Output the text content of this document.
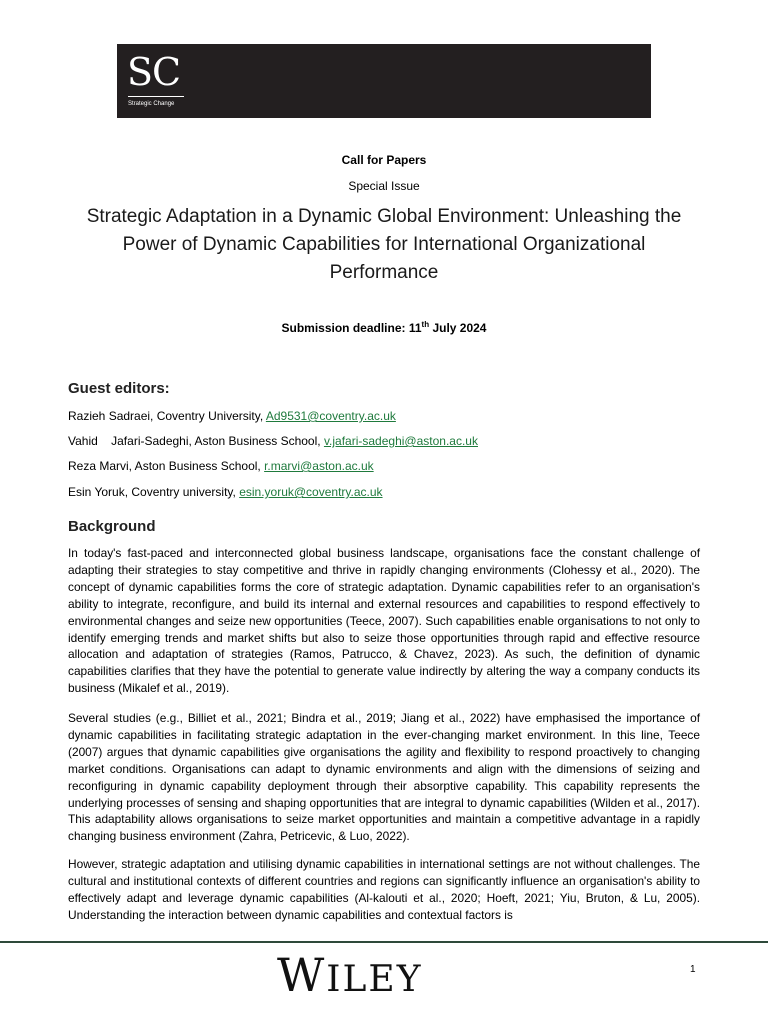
SC
Strategic Change
Call for Papers
Special Issue
Strategic Adaptation in a Dynamic Global Environment: Unleashing the Power of Dynamic Capabilities for International Organizational Performance
Submission deadline: 11th July 2024
Guest editors:
Razieh Sadraei, Coventry University, Ad9531@coventry.ac.uk
Vahid    Jafari-Sadeghi, Aston Business School, v.jafari-sadeghi@aston.ac.uk
Reza Marvi, Aston Business School, r.marvi@aston.ac.uk
Esin Yoruk, Coventry university, esin.yoruk@coventry.ac.uk
Background

In today's fast-paced and interconnected global business landscape, organisations face the constant challenge of adapting their strategies to stay competitive and thrive in rapidly changing environments (Clohessy et al., 2020). The concept of dynamic capabilities forms the core of strategic adaptation. Dynamic capabilities refer to an organisation's ability to integrate, reconfigure, and build its internal and external resources and capabilities to respond effectively to environmental changes and seize new opportunities (Teece, 2007). Such capabilities enable organisations to not only to identify emerging trends and market shifts but also to seize those opportunities through rapid and effective resource allocation and adaptation of strategies (Ramos, Patrucco, & Chavez, 2023). As such, the definition of dynamic capabilities clarifies that they have the potential to generate value indirectly by altering the way a company conducts its business (Mikalef et al., 2019).

Several studies (e.g., Billiet et al., 2021; Bindra et al., 2019; Jiang et al., 2022) have emphasised the importance of dynamic capabilities in facilitating strategic adaptation in the ever-changing market environment. In this line, Teece (2007) argues that dynamic capabilities give organisations the agility and flexibility to respond proactively to changing market conditions. Organisations can adapt to dynamic environments and align with the dimensions of seizing and reconfiguring in dynamic capability deployment through their absorptive capability. This capability represents the underlying processes of sensing and shaping opportunities that are integral to dynamic capabilities (Wilden et al., 2017). This adaptability allows organisations to seize market opportunities and maintain a competitive advantage in a rapidly changing business environment (Zahra, Petricevic, & Luo, 2022).

However, strategic adaptation and utilising dynamic capabilities in international settings are not without challenges. The cultural and institutional contexts of different countries and regions can significantly influence an organisation's ability to effectively adapt and leverage dynamic capabilities (Al-kalouti et al., 2020; Hoeft, 2021; Yiu, Bruton, & Lu, 2005). Understanding the interaction between dynamic capabilities and contextual factors is

WILEY	1
